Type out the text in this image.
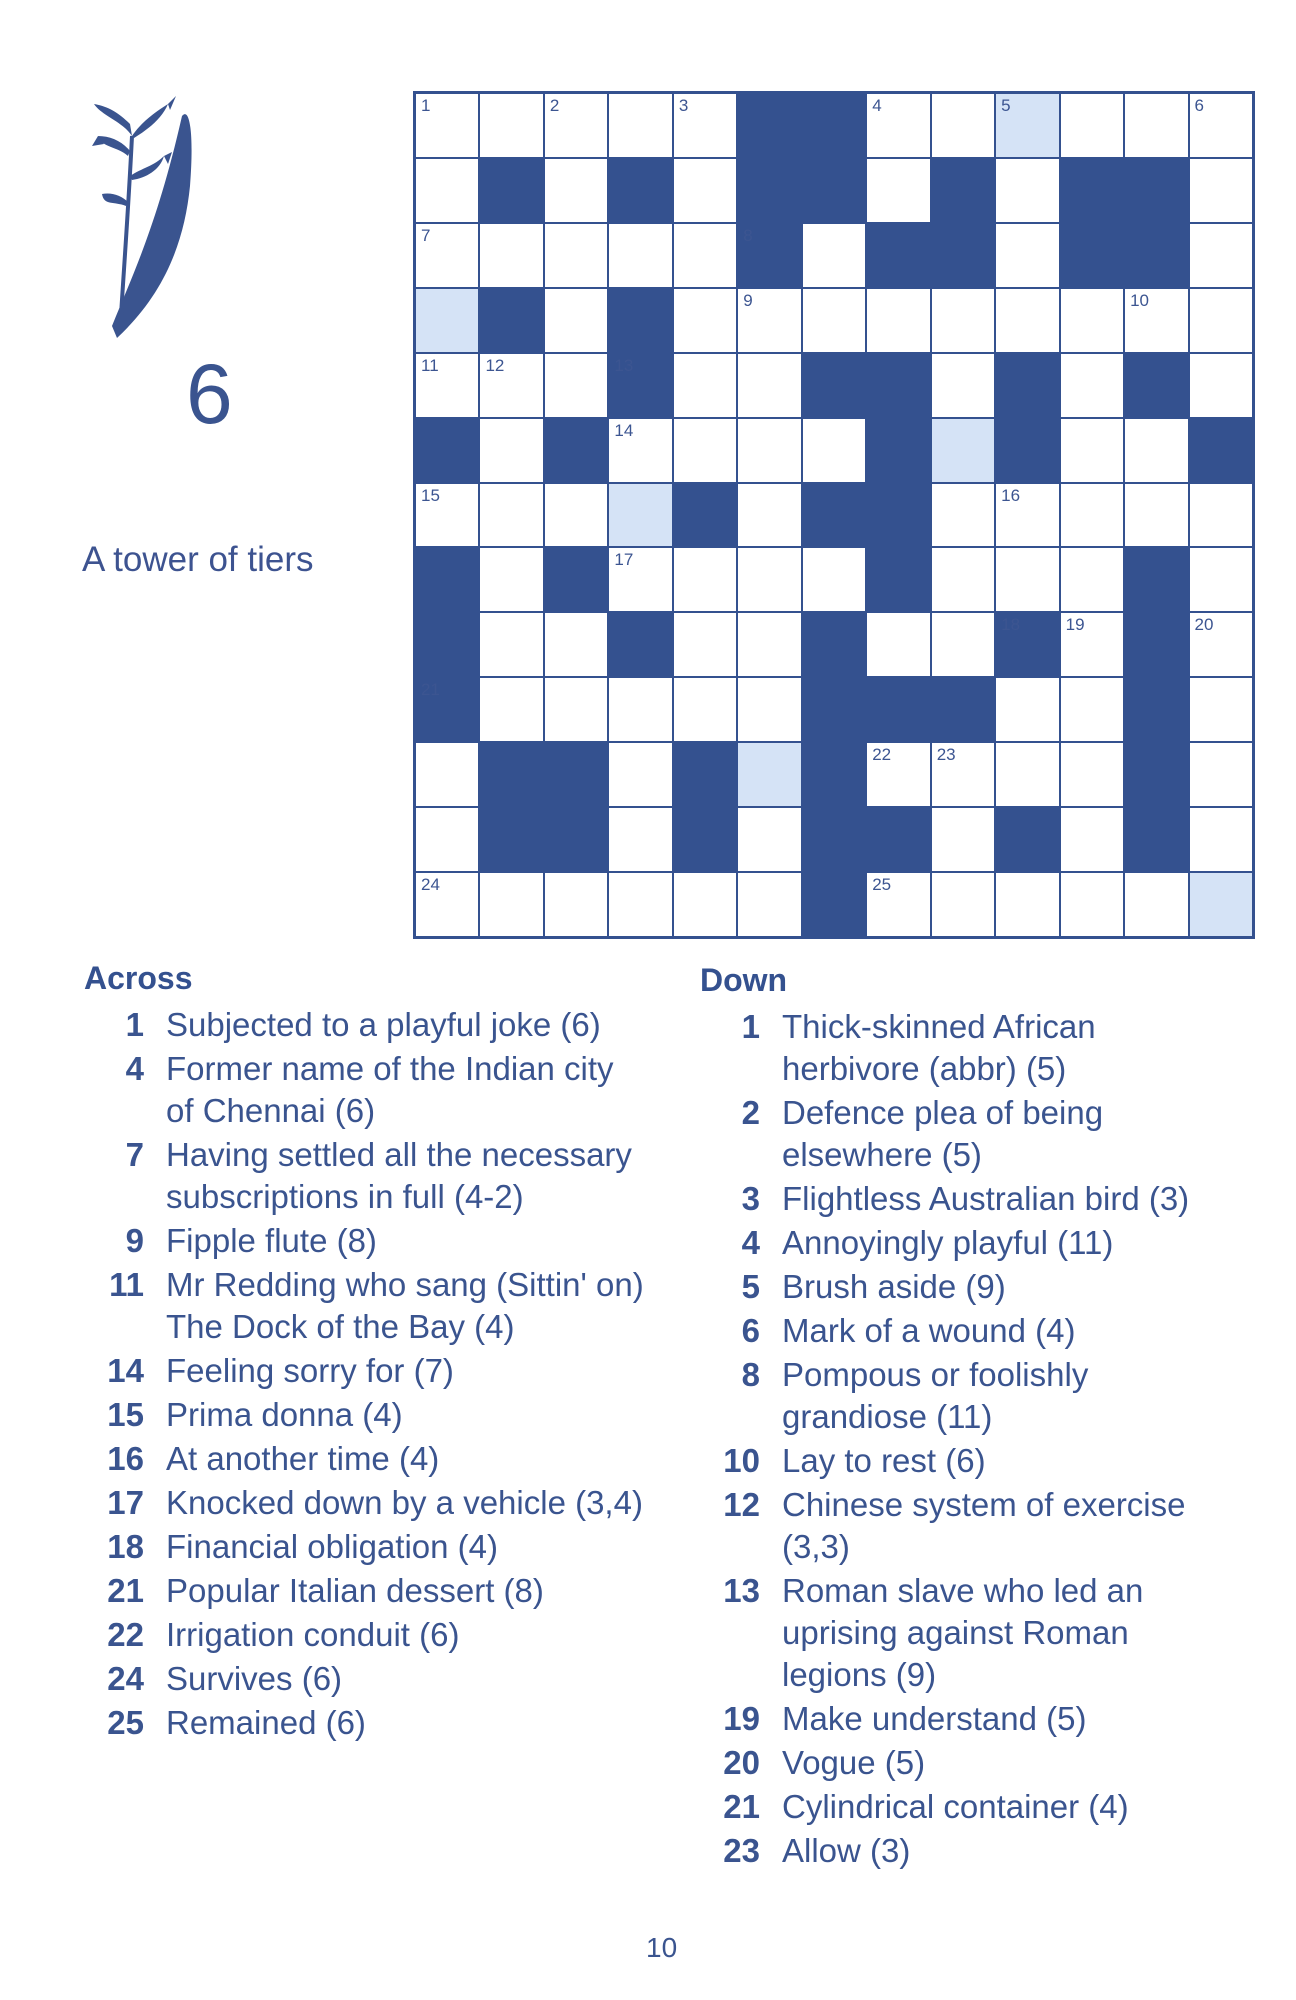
6
A tower of tiers
1	2	3	4	5	6
7	8
9	10
11	12	13
14
15	16
17
18	19	20
21
22	23
24	25
Across
1 Subjected to a playful joke (6)
4 Former name of the Indian city of Chennai (6)
7 Having settled all the necessary subscriptions in full (4-2)
9 Fipple flute (8)
11 Mr Redding who sang (Sittin' on) The Dock of the Bay (4)
14 Feeling sorry for (7)
15 Prima donna (4)
16 At another time (4)
17 Knocked down by a vehicle (3,4)
18 Financial obligation (4)
21 Popular Italian dessert (8)
22 Irrigation conduit (6)
24 Survives (6)
25 Remained (6)
Down
1 Thick-skinned African herbivore (abbr) (5)
2 Defence plea of being elsewhere (5)
3 Flightless Australian bird (3)
4 Annoyingly playful (11)
5 Brush aside (9)
6 Mark of a wound (4)
8 Pompous or foolishly grandiose (11)
10 Lay to rest (6)
12 Chinese system of exercise (3,3)
13 Roman slave who led an uprising against Roman legions (9)
19 Make understand (5)
20 Vogue (5)
21 Cylindrical container (4)
23 Allow (3)
10
